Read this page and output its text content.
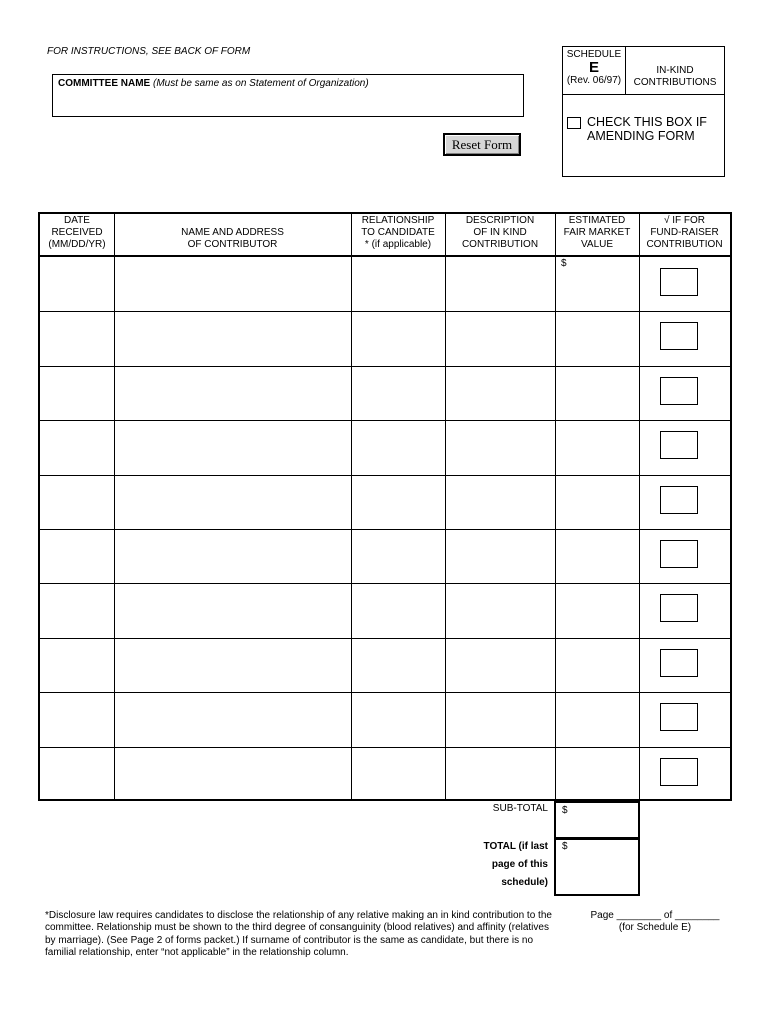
FOR INSTRUCTIONS, SEE BACK OF FORM
COMMITTEE NAME (Must be same as on Statement of Organization)
Reset Form
SCHEDULE
E
(Rev. 06/97)
IN-KIND
CONTRIBUTIONS
CHECK THIS BOX IF
AMENDING FORM
DATE
RECEIVED
(MM/DD/YR)
NAME AND ADDRESS
OF CONTRIBUTOR
RELATIONSHIP
TO CANDIDATE
* (if applicable)
DESCRIPTION
OF IN KIND
CONTRIBUTION
ESTIMATED
FAIR MARKET
VALUE
√ IF FOR
FUND-RAISER
CONTRIBUTION
$
SUB-TOTAL $
TOTAL (if last
page of this
schedule)
$
*Disclosure law requires candidates to disclose the relationship of any relative making an in kind contribution to the
committee. Relationship must be shown to the third degree of consanguinity (blood relatives) and affinity (relatives
by marriage). (See Page 2 of forms packet.) If surname of contributor is the same as candidate, but there is no
familial relationship, enter “not applicable” in the relationship column.
Page ________ of ________
(for Schedule E)
